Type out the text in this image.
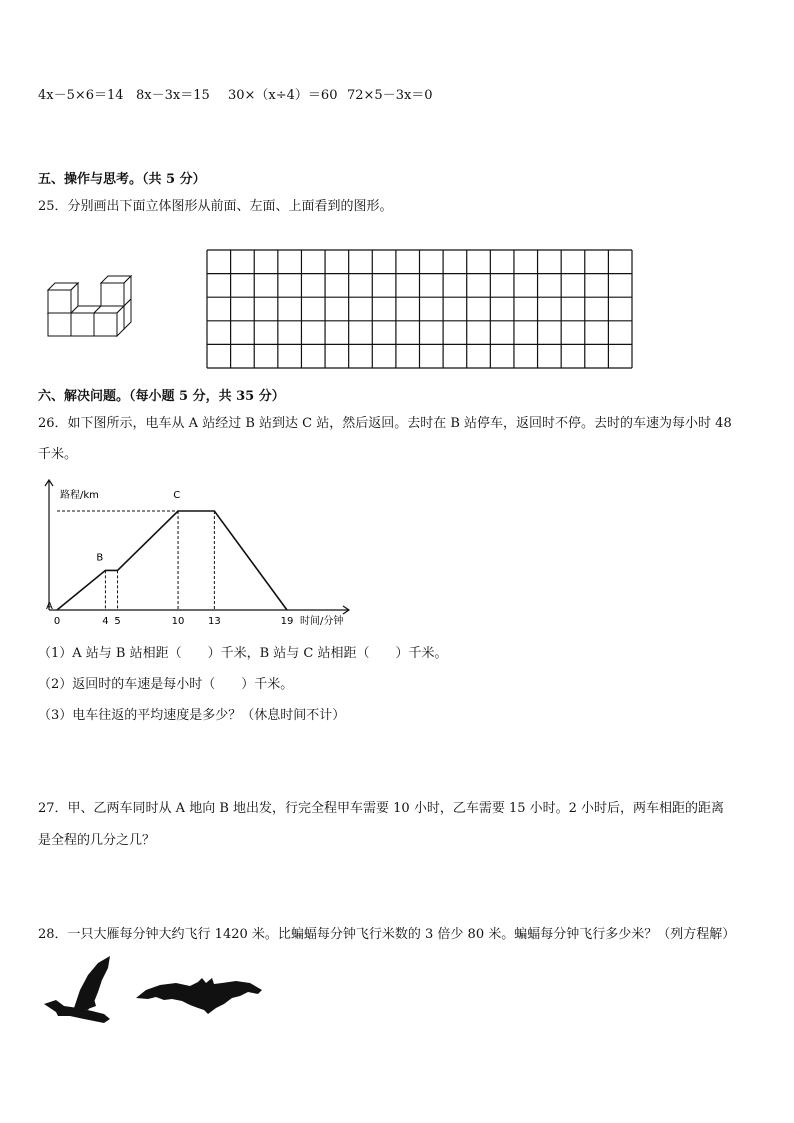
4x－5×6＝14 8x－3x＝15 30×（x÷4）＝60 72×5－3x＝0
五、操作与思考。（共 5 分）
25．分别画出下面立体图形从前面、左面、上面看到的图形。
六、解决问题。（每小题 5 分，共 35 分）
26．如下图所示，电车从 A 站经过 B 站到达 C 站，然后返回。去时在 B 站停车，返回时不停。去时的车速为每小时 48
千米。
0	4 5	10 13	19
A
B
C
路程/km
时间/分钟
（1）A 站与 B 站相距（　　）千米，B 站与 C 站相距（　　）千米。
（2）返回时的车速是每小时（　　）千米。
（3）电车往返的平均速度是多少？（休息时间不计）
27．甲、乙两车同时从 A 地向 B 地出发，行完全程甲车需要 10 小时，乙车需要 15 小时。2 小时后，两车相距的距离
是全程的几分之几？
28．一只大雁每分钟大约飞行 1420 米。比蝙蝠每分钟飞行米数的 3 倍少 80 米。蝙蝠每分钟飞行多少米？（列方程解）
